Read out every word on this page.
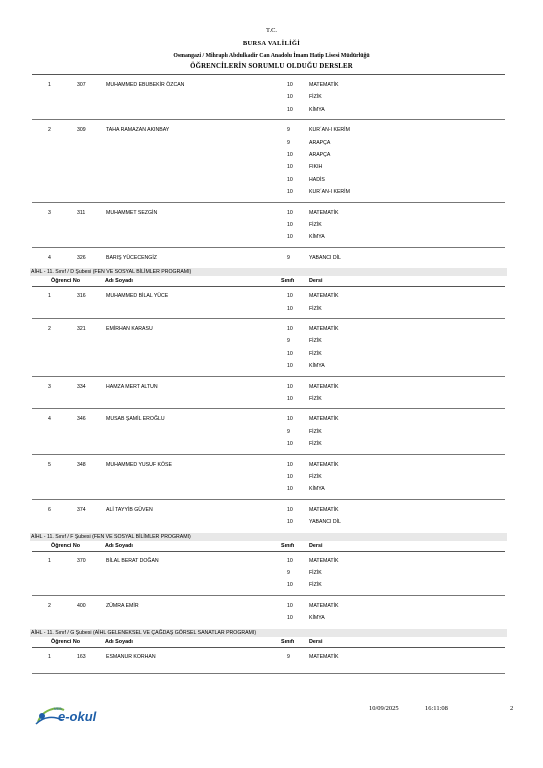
T.C.
BURSA VALİLİĞİ
Osmangazi / Mihraplı Abdulkadir Can Anadolu İmam Hatip Lisesi Müdürlüğü
ÖĞRENCİLERİN SORUMLU OLDUĞU DERSLER
1	307	MUHAMMED EBUBEKİR ÖZCAN	10	MATEMATİK
10	FİZİK
10	KİMYA
2	309	TAHA RAMAZAN AKINBAY	9	KUR´AN-I KERİM
9	ARAPÇA
10	ARAPÇA
10	FIKIH
10	HADİS
10	KUR´AN-I KERİM
3	311	MUHAMMET SEZGİN	10	MATEMATİK
10	FİZİK
10	KİMYA
4	326	BARIŞ YÜCECENGİZ	9	YABANCI DİL
AİHL - 11. Sınıf / D Şubesi (FEN VE SOSYAL BİLİMLER PROGRAMI)
Öğrenci No	Adı Soyadı	Sınıfı	Dersi
1	316	MUHAMMED BİLAL YÜCE	10	MATEMATİK
10	FİZİK
2	321	EMİRHAN KARASU	10	MATEMATİK
9	FİZİK
10	FİZİK
10	KİMYA
3	334	HAMZA MERT ALTUN	10	MATEMATİK
10	FİZİK
4	346	MUSAB ŞAMİL EROĞLU	10	MATEMATİK
9	FİZİK
10	FİZİK
5	348	MUHAMMED YUSUF KÖSE	10	MATEMATİK
10	FİZİK
10	KİMYA
6	374	ALİ TAYYİB GÜVEN	10	MATEMATİK
10	YABANCI DİL
AİHL - 11. Sınıf / F Şubesi (FEN VE SOSYAL BİLİMLER PROGRAMI)
Öğrenci No	Adı Soyadı	Sınıfı	Dersi
1	370	BİLAL BERAT DOĞAN	10	MATEMATİK
9	FİZİK
10	FİZİK
2	400	ZÜMRA EMİR	10	MATEMATİK
10	KİMYA
AİHL - 11. Sınıf / G Şubesi (AİHL GELENEKSEL VE ÇAĞDAŞ GÖRSEL SANATLAR PROGRAMI)
Öğrenci No	Adı Soyadı	Sınıfı	Dersi
1	163	ESMANUR KORHAN	9	MATEMATİK
MEB
e-okul
10/09/2025	16:11:08	2
